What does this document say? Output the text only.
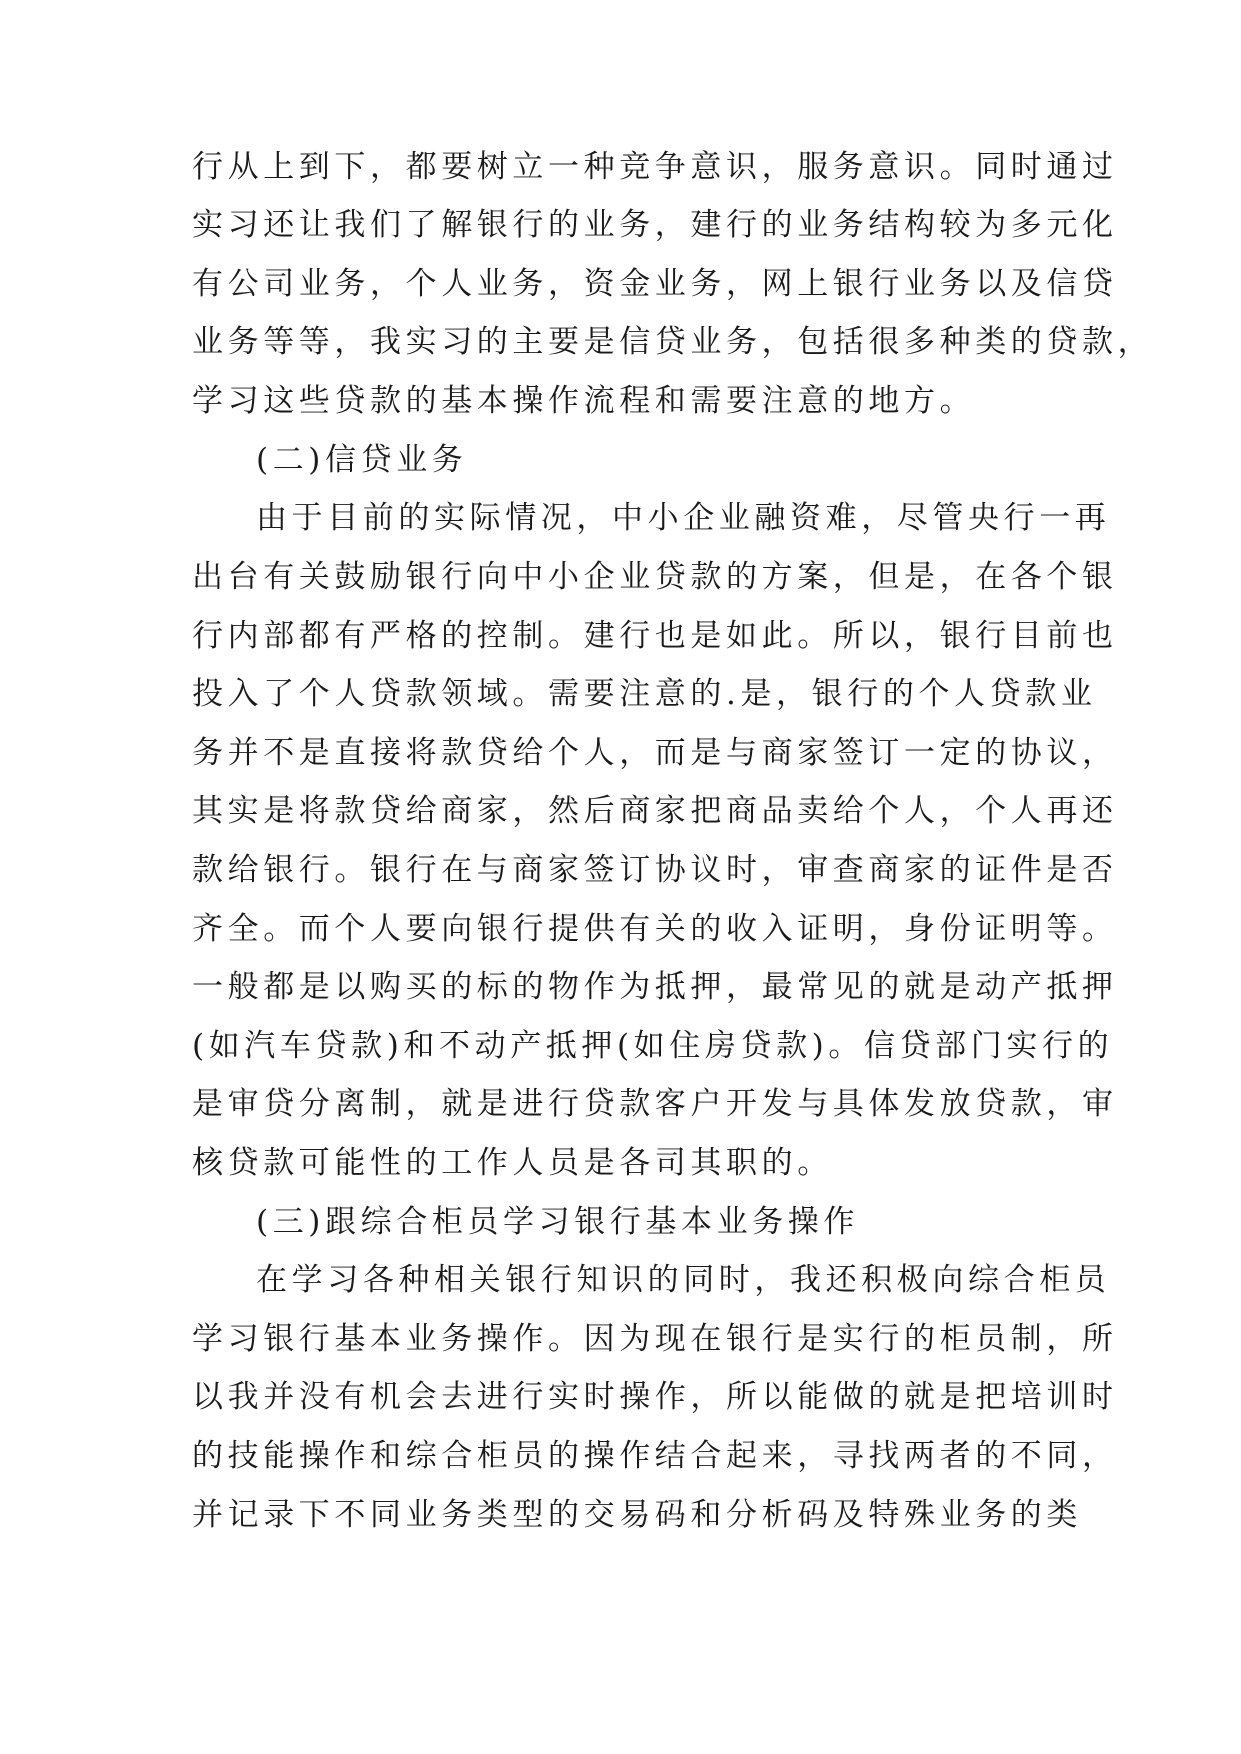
行从上到下，都要树立一种竞争意识，服务意识。同时通过
实习还让我们了解银行的业务，建行的业务结构较为多元化
有公司业务，个人业务，资金业务，网上银行业务以及信贷
业务等等，我实习的主要是信贷业务，包括很多种类的贷款，
学习这些贷款的基本操作流程和需要注意的地方。
(二)信贷业务
由于目前的实际情况，中小企业融资难，尽管央行一再
出台有关鼓励银行向中小企业贷款的方案，但是，在各个银
行内部都有严格的控制。建行也是如此。所以，银行目前也
投入了个人贷款领域。需要注意的.是，银行的个人贷款业
务并不是直接将款贷给个人，而是与商家签订一定的协议，
其实是将款贷给商家，然后商家把商品卖给个人，个人再还
款给银行。银行在与商家签订协议时，审查商家的证件是否
齐全。而个人要向银行提供有关的收入证明，身份证明等。
一般都是以购买的标的物作为抵押，最常见的就是动产抵押
(如汽车贷款)和不动产抵押(如住房贷款)。信贷部门实行的
是审贷分离制，就是进行贷款客户开发与具体发放贷款，审
核贷款可能性的工作人员是各司其职的。
(三)跟综合柜员学习银行基本业务操作
在学习各种相关银行知识的同时，我还积极向综合柜员
学习银行基本业务操作。因为现在银行是实行的柜员制，所
以我并没有机会去进行实时操作，所以能做的就是把培训时
的技能操作和综合柜员的操作结合起来，寻找两者的不同，
并记录下不同业务类型的交易码和分析码及特殊业务的类
